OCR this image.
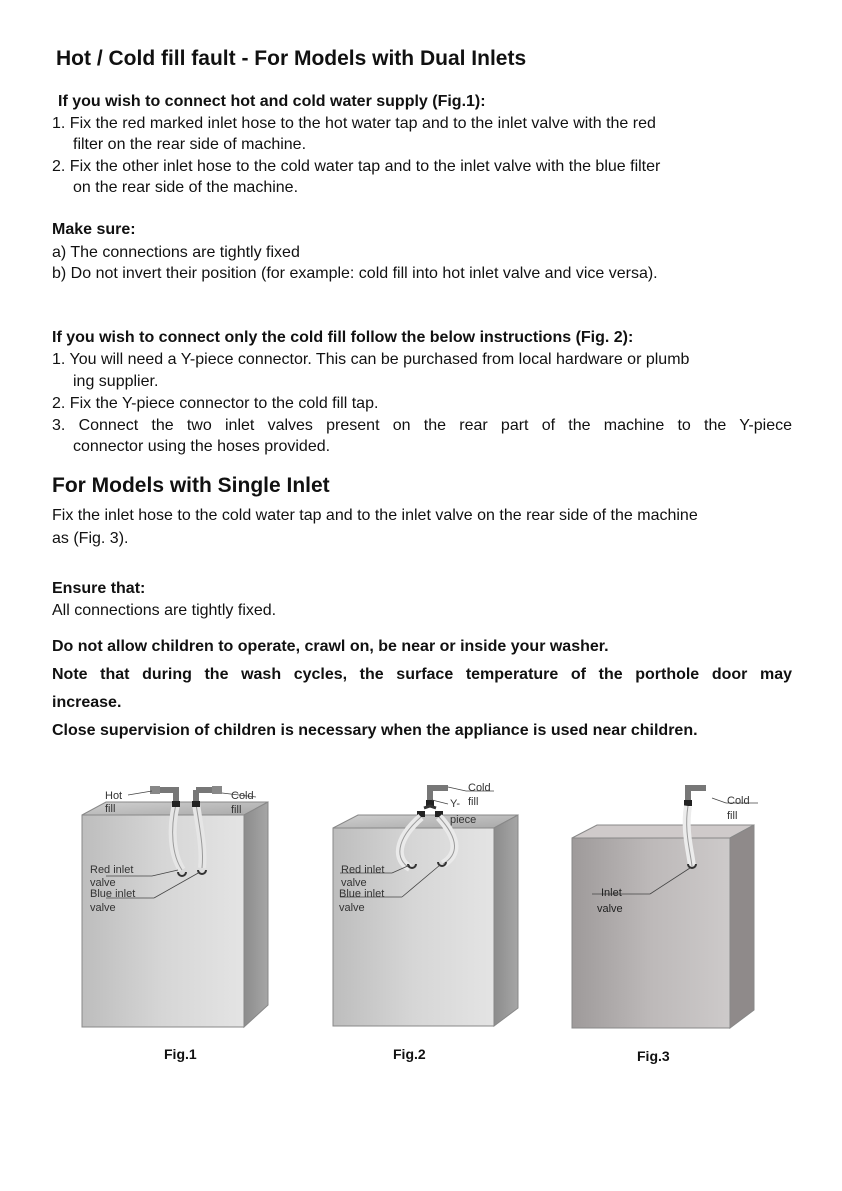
Hot / Cold fill fault - For Models with Dual Inlets
If you wish to connect hot and cold water supply (Fig.1):
1. Fix the red marked inlet hose to the hot water tap and to the inlet valve with the red
filter on the rear side of machine.
2. Fix the other inlet hose to the cold water tap and to the inlet valve with the blue filter
on the rear side of the machine.
Make sure:
a) The connections are tightly fixed
b) Do not invert their position (for example: cold fill into hot inlet valve and vice versa).
If you wish to connect only the cold fill follow the below instructions (Fig. 2):
1. You will need a Y-piece connector. This can be purchased from local hardware or plumb
ing supplier.
2. Fix the Y-piece connector to the cold fill tap.
3. Connect the two inlet valves present on the rear part of the machine to the Y-piece
connector using the hoses provided.
For Models with Single Inlet
Fix the inlet hose to the cold water tap and to the inlet valve on the rear side of the machine
as (Fig. 3).
Ensure that:
All connections are tightly fixed.
Do not allow children to operate, crawl on, be near or inside your washer.
Note that during the wash cycles, the surface temperature of the porthole door may
increase.
Close supervision of children is necessary when the appliance is used near children.
Hot
fill
Cold
fill
Red inlet
valve
Blue inlet
valve
Fig.1
Cold
fill
Y-
piece
Red inlet
valve
Blue inlet
valve
Fig.2
Cold
fill
Inlet
valve
Fig.3
